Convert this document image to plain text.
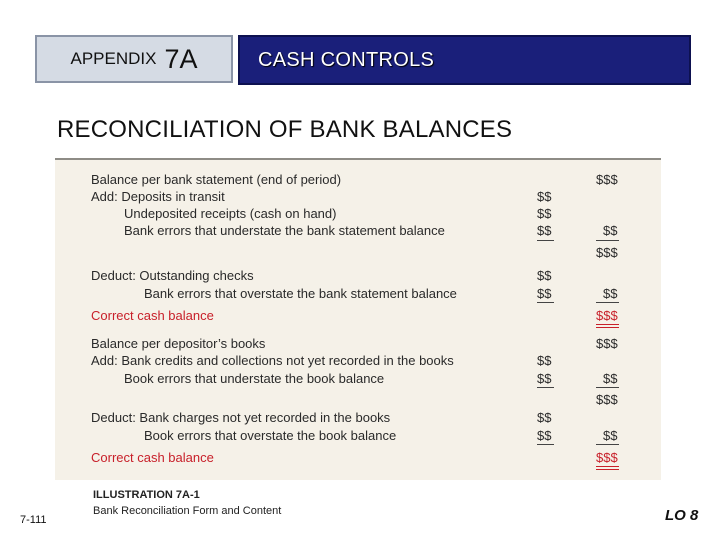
APPENDIX 7A	CASH CONTROLS
RECONCILIATION OF BANK BALANCES
Balance per bank statement (end of period)
Add: Deposits in transit
Undeposited receipts (cash on hand)
Bank errors that understate the bank statement balance
Deduct: Outstanding checks
Bank errors that overstate the bank statement balance
Correct cash balance
Balance per depositor’s books
Add: Bank credits and collections not yet recorded in the books
Book errors that understate the book balance
Deduct: Bank charges not yet recorded in the books
Book errors that overstate the book balance
Correct cash balance
$$
$$
$$
$$
$$
$$
$$
$$
$$
$$$
$$
$$$
$$
$$$
$$$
$$
$$$
$$
$$$
ILLUSTRATION 7A-1
Bank Reconciliation Form and Content
7-111	LO 8
